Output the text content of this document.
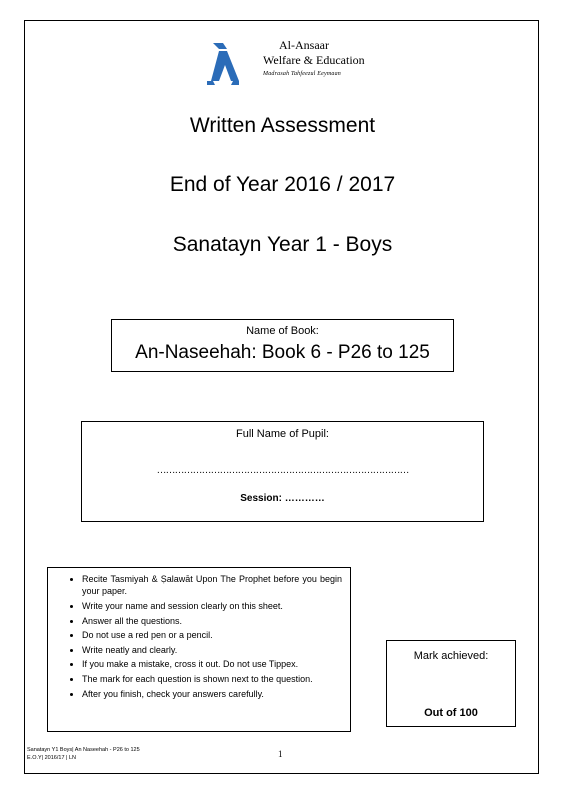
Al-Ansaar
Welfare & Education
Madrasah Tahfeezul Eeymaan
Written Assessment
End of Year 2016 / 2017
Sanatayn Year 1 - Boys
Name of Book:
An-Naseehah: Book 6 - P26 to 125
Full Name of Pupil:
…………………………………………………………………………
Session: …………
• Recite Tasmiyah & Ṣalawāt Upon The Prophet before you begin your paper.
• Write your name and session clearly on this sheet.
• Answer all the questions.
• Do not use a red pen or a pencil.
• Write neatly and clearly.
• If you make a mistake, cross it out. Do not use Tippex.
• The mark for each question is shown next to the question.
• After you finish, check your answers carefully.
Mark achieved:
Out of 100
Sanatayn Y1 Boys| An Naseehah - P26 to 125
E.O.Y| 2016/17 | LN	1
